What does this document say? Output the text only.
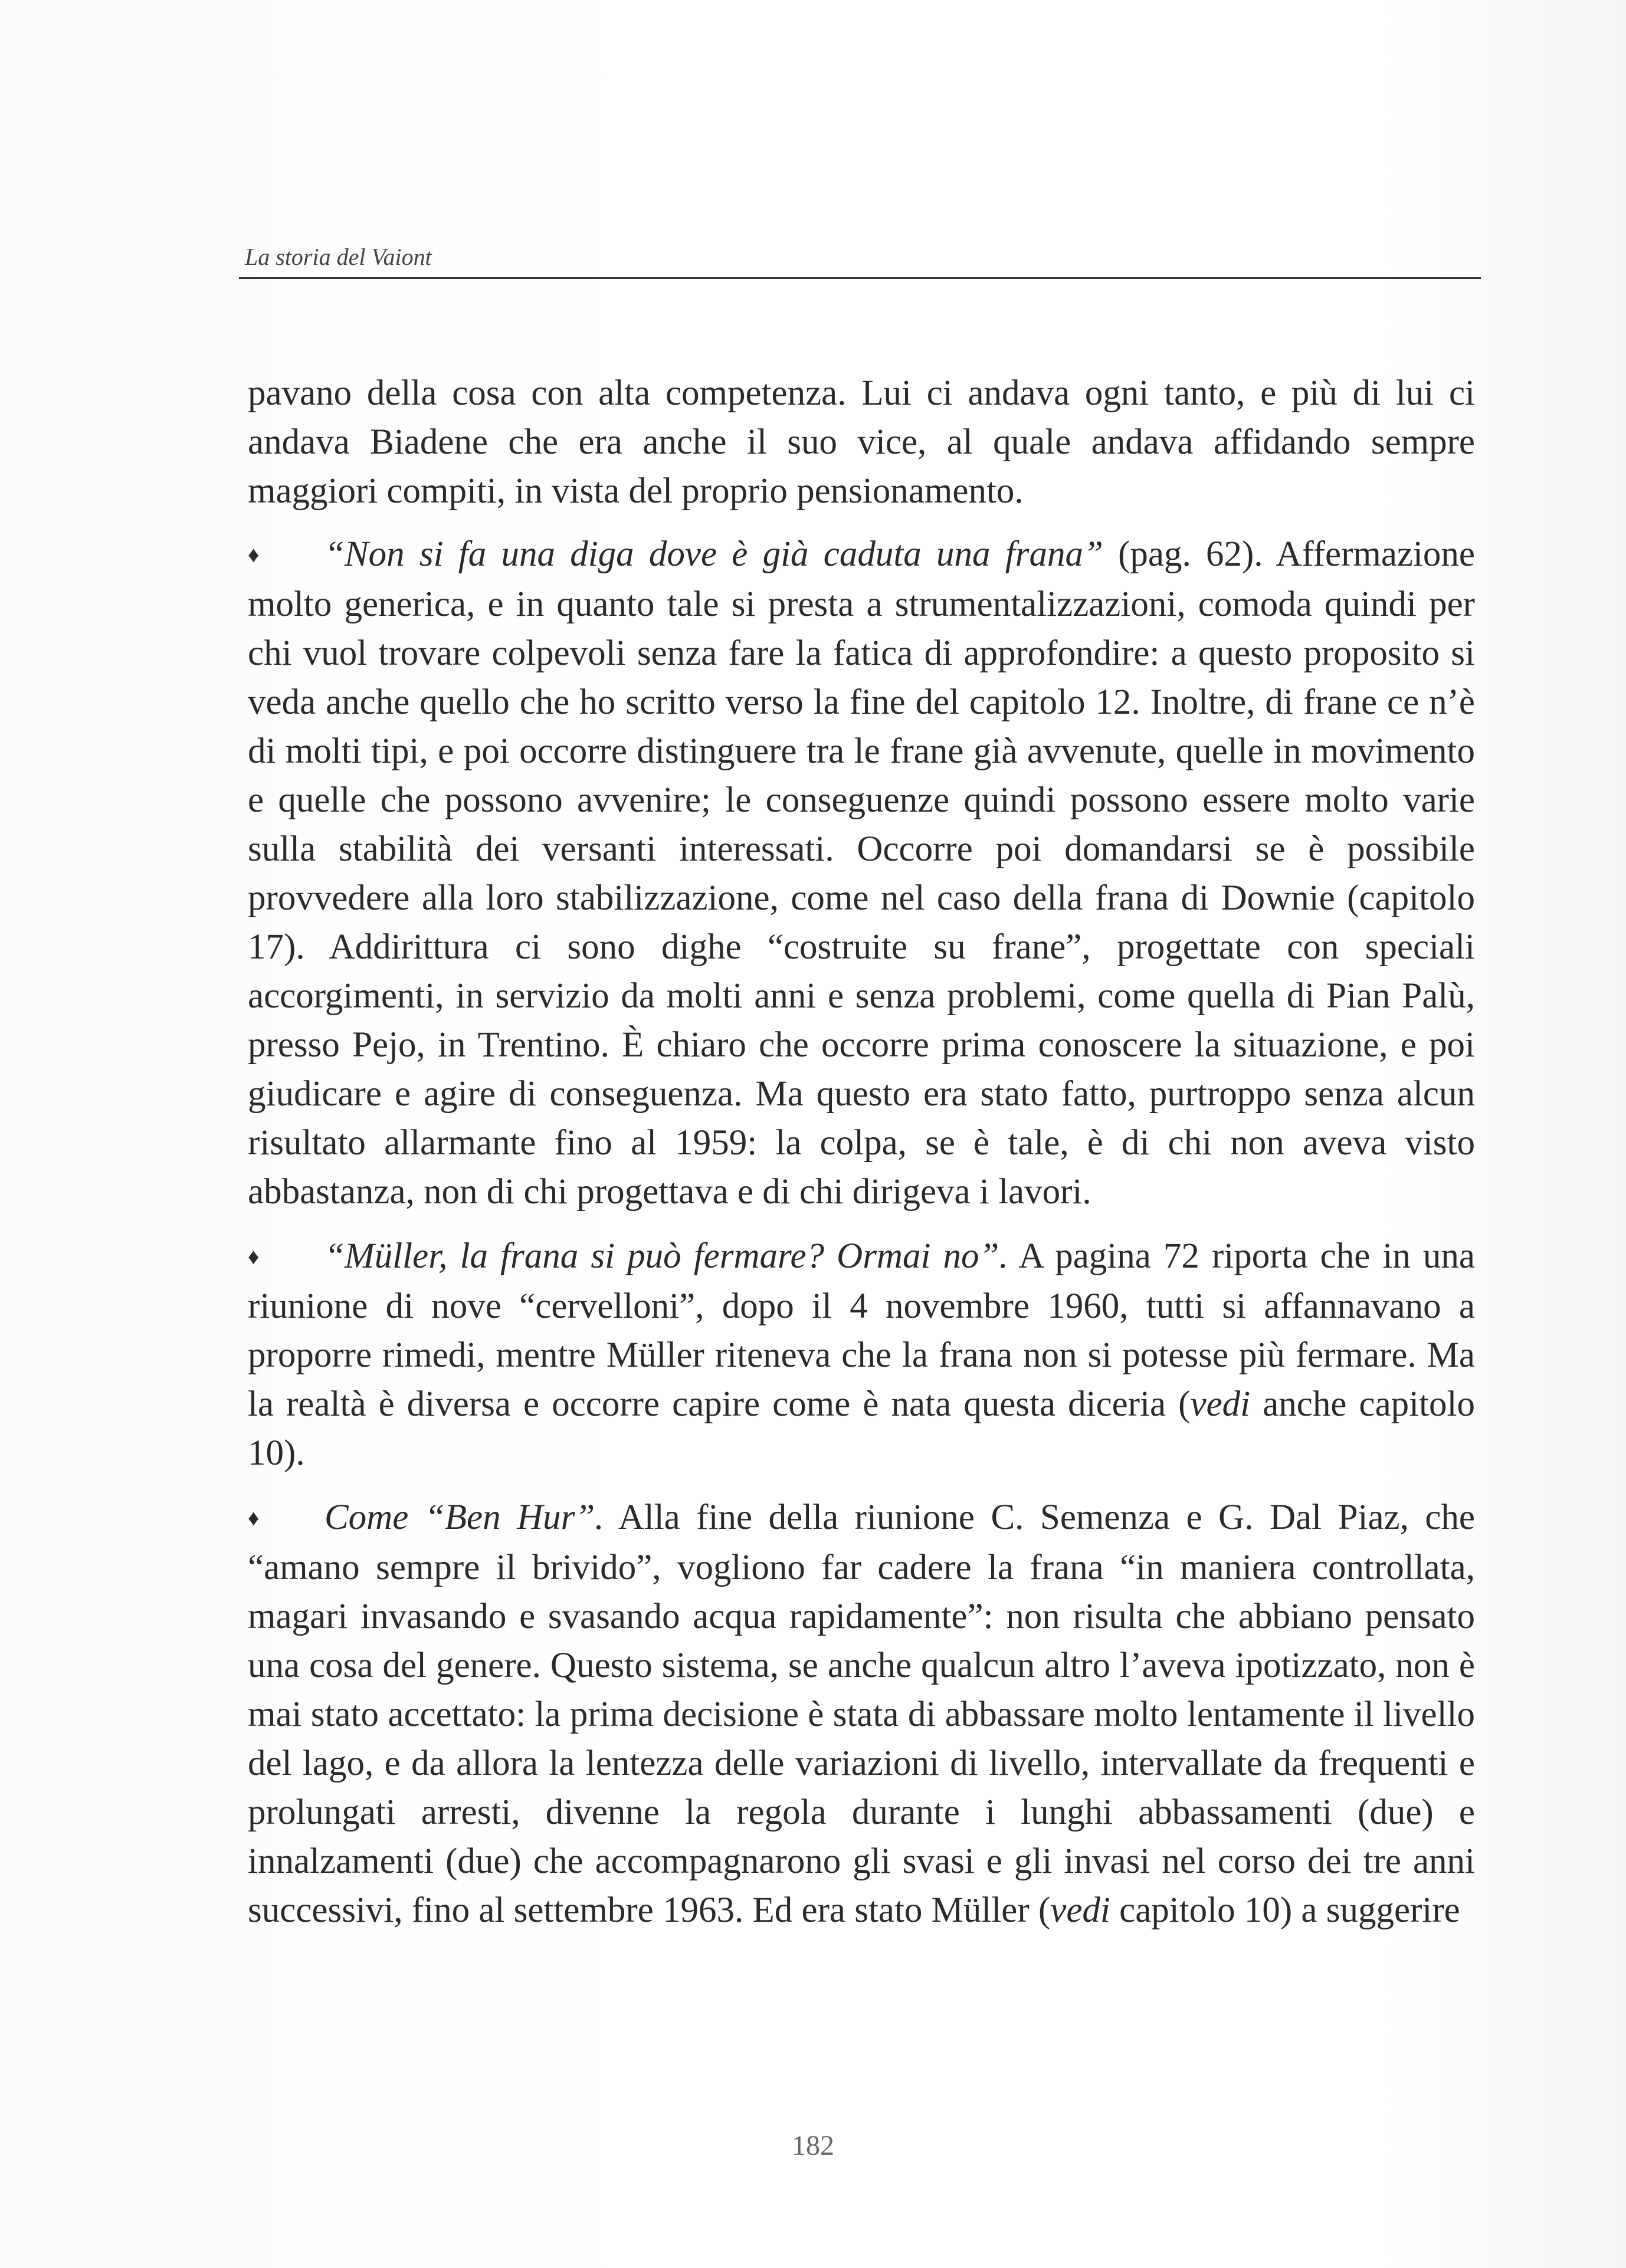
La storia del Vaiont

pavano della cosa con alta competenza. Lui ci andava ogni tanto, e più di lui ci andava Biadene che era anche il suo vice, al quale andava affidando sempre maggiori compiti, in vista del proprio pensionamento.

♦ “Non si fa una diga dove è già caduta una frana” (pag. 62). Affermazione molto generica, e in quanto tale si presta a strumentalizzazioni, comoda quindi per chi vuol trovare colpevoli senza fare la fatica di approfondire: a questo proposito si veda anche quello che ho scritto verso la fine del capitolo 12. Inoltre, di frane ce n’è di molti tipi, e poi occorre distinguere tra le frane già avvenute, quelle in movimento e quelle che possono avvenire; le conseguenze quindi possono essere molto varie sulla stabilità dei versanti interessati. Occorre poi domandarsi se è possibile provvedere alla loro stabilizzazione, come nel caso della frana di Downie (capitolo 17). Addirittura ci sono dighe “costruite su frane”, progettate con speciali accorgimenti, in servizio da molti anni e senza problemi, come quella di Pian Palù, presso Pejo, in Trentino. È chiaro che occorre prima conoscere la situazione, e poi giudicare e agire di conseguenza. Ma questo era stato fatto, purtroppo senza alcun risultato allarmante fino al 1959: la colpa, se è tale, è di chi non aveva visto abbastanza, non di chi progettava e di chi dirigeva i lavori.

♦ “Müller, la frana si può fermare? Ormai no”. A pagina 72 riporta che in una riunione di nove “cervelloni”, dopo il 4 novembre 1960, tutti si affannavano a proporre rimedi, mentre Müller riteneva che la frana non si potesse più fermare. Ma la realtà è diversa e occorre capire come è nata questa diceria (vedi anche capitolo 10).

♦ Come “Ben Hur”. Alla fine della riunione C. Semenza e G. Dal Piaz, che “amano sempre il brivido”, vogliono far cadere la frana “in maniera controllata, magari invasando e svasando acqua rapidamente”: non risulta che abbiano pensato una cosa del genere. Questo sistema, se anche qualcun altro l’aveva ipotizzato, non è mai stato accettato: la prima decisione è stata di abbassare molto lentamente il livello del lago, e da allora la lentezza delle variazioni di livello, intervallate da frequenti e prolungati arresti, divenne la regola durante i lunghi abbassamenti (due) e innalzamenti (due) che accompagnarono gli svasi e gli invasi nel corso dei tre anni successivi, fino al settembre 1963. Ed era stato Müller (vedi capitolo 10) a suggerire

182
